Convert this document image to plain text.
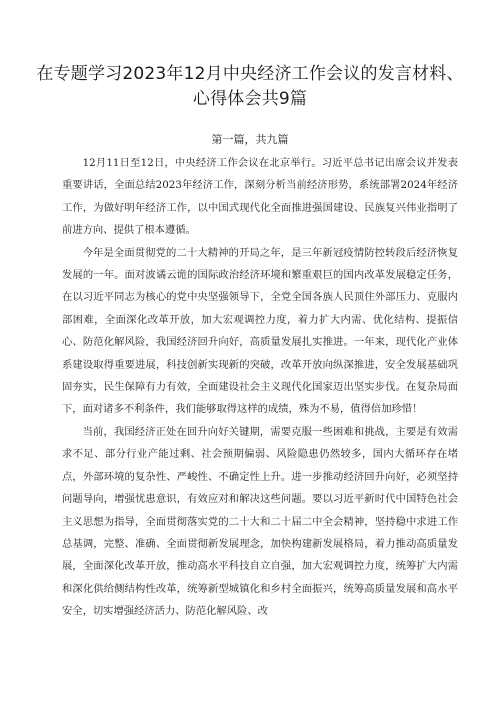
在专题学习2023年12月中央经济工作会议的发言材料、心得体会共9篇
第一篇，共九篇

12月11日至12日，中央经济工作会议在北京举行。习近平总书记出席会议并发表重要讲话，全面总结2023年经济工作，深刻分析当前经济形势，系统部署2024年经济工作，为做好明年经济工作，以中国式现代化全面推进强国建设、民族复兴伟业指明了前进方向、提供了根本遵循。

今年是全面贯彻党的二十大精神的开局之年，是三年新冠疫情防控转段后经济恢复发展的一年。面对波谲云诡的国际政治经济环境和繁重艰巨的国内改革发展稳定任务，在以习近平同志为核心的党中央坚强领导下，全党全国各族人民顶住外部压力、克服内部困难，全面深化改革开放，加大宏观调控力度，着力扩大内需、优化结构、提振信心、防范化解风险，我国经济回升向好，高质量发展扎实推进。一年来，现代化产业体系建设取得重要进展，科技创新实现新的突破，改革开放向纵深推进，安全发展基础巩固夯实，民生保障有力有效，全面建设社会主义现代化国家迈出坚实步伐。在复杂局面下，面对诸多不利条件，我们能够取得这样的成绩，殊为不易，值得倍加珍惜！

当前，我国经济正处在回升向好关键期，需要克服一些困难和挑战，主要是有效需求不足、部分行业产能过剩、社会预期偏弱、风险隐患仍然较多，国内大循环存在堵点，外部环境的复杂性、严峻性、不确定性上升。进一步推动经济回升向好，必须坚持问题导向，增强忧患意识，有效应对和解决这些问题。要以习近平新时代中国特色社会主义思想为指导，全面贯彻落实党的二十大和二十届二中全会精神，坚持稳中求进工作总基调，完整、准确、全面贯彻新发展理念，加快构建新发展格局，着力推动高质量发展，全面深化改革开放，推动高水平科技自立自强，加大宏观调控力度，统筹扩大内需和深化供给侧结构性改革，统筹新型城镇化和乡村全面振兴，统筹高质量发展和高水平安全，切实增强经济活力、防范化解风险、改
